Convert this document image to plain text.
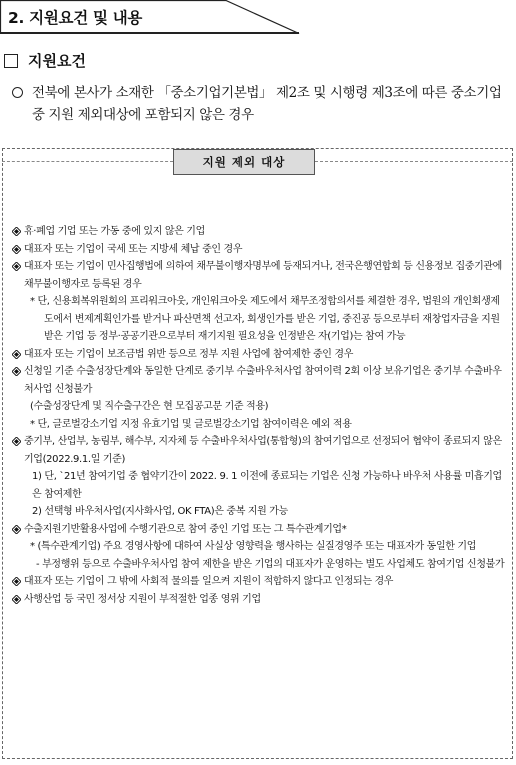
2. 지원요건 및 내용
지원요건
전북에 본사가 소재한 「중소기업기본법」 제2조 및 시행령 제3조에 따른 중소기업 중 지원 제외대상에 포함되지 않은 경우
지원 제외 대상
휴·폐업 기업 또는 가동 중에 있지 않은 기업
대표자 또는 기업이 국세 또는 지방세 체납 중인 경우
대표자 또는 기업이 민사집행법에 의하여 채무불이행자명부에 등재되거나, 전국은행연합회 등 신용정보 집중기관에 채무불이행자로 등록된 경우
* 단, 신용회복위원회의 프리워크아웃, 개인워크아웃 제도에서 채무조정합의서를 체결한 경우, 법원의 개인회생제도에서 변제계획인가를 받거나 파산면책 선고자, 회생인가를 받은 기업, 중진공 등으로부터 재창업자금을 지원받은 기업 등 정부·공공기관으로부터 재기지원 필요성을 인정받은 자(기업)는 참여 가능
대표자 또는 기업이 보조금법 위반 등으로 정부 지원 사업에 참여제한 중인 경우
신청일 기준 수출성장단계와 동일한 단계로 중기부 수출바우처사업 참여이력 2회 이상 보유기업은 중기부 수출바우처사업 신청불가
(수출성장단계 및 직수출구간은 현 모집공고문 기준 적용)
* 단, 글로벌강소기업 지정 유효기업 및 글로벌강소기업 참여이력은 예외 적용
중기부, 산업부, 농림부, 해수부, 지자체 등 수출바우처사업(통합형)의 참여기업으로 선정되어 협약이 종료되지 않은 기업(2022.9.1.일 기준)
1) 단, `21년 참여기업 중 협약기간이 2022. 9. 1 이전에 종료되는 기업은 신청 가능하나 바우처 사용률 미흡기업은 참여제한
2) 선택형 바우처사업(지사화사업, OK FTA)은 중복 지원 가능
수출지원기반활용사업에 수행기관으로 참여 중인 기업 또는 그 특수관계기업*
* (특수관계기업) 주요 경영사항에 대하여 사실상 영향력을 행사하는 실질경영주 또는 대표자가 동일한 기업
- 부정행위 등으로 수출바우처사업 참여 제한을 받은 기업의 대표자가 운영하는 별도 사업체도 참여기업 신청불가
대표자 또는 기업이 그 밖에 사회적 물의를 일으켜 지원이 적합하지 않다고 인정되는 경우
사행산업 등 국민 정서상 지원이 부적절한 업종 영위 기업
